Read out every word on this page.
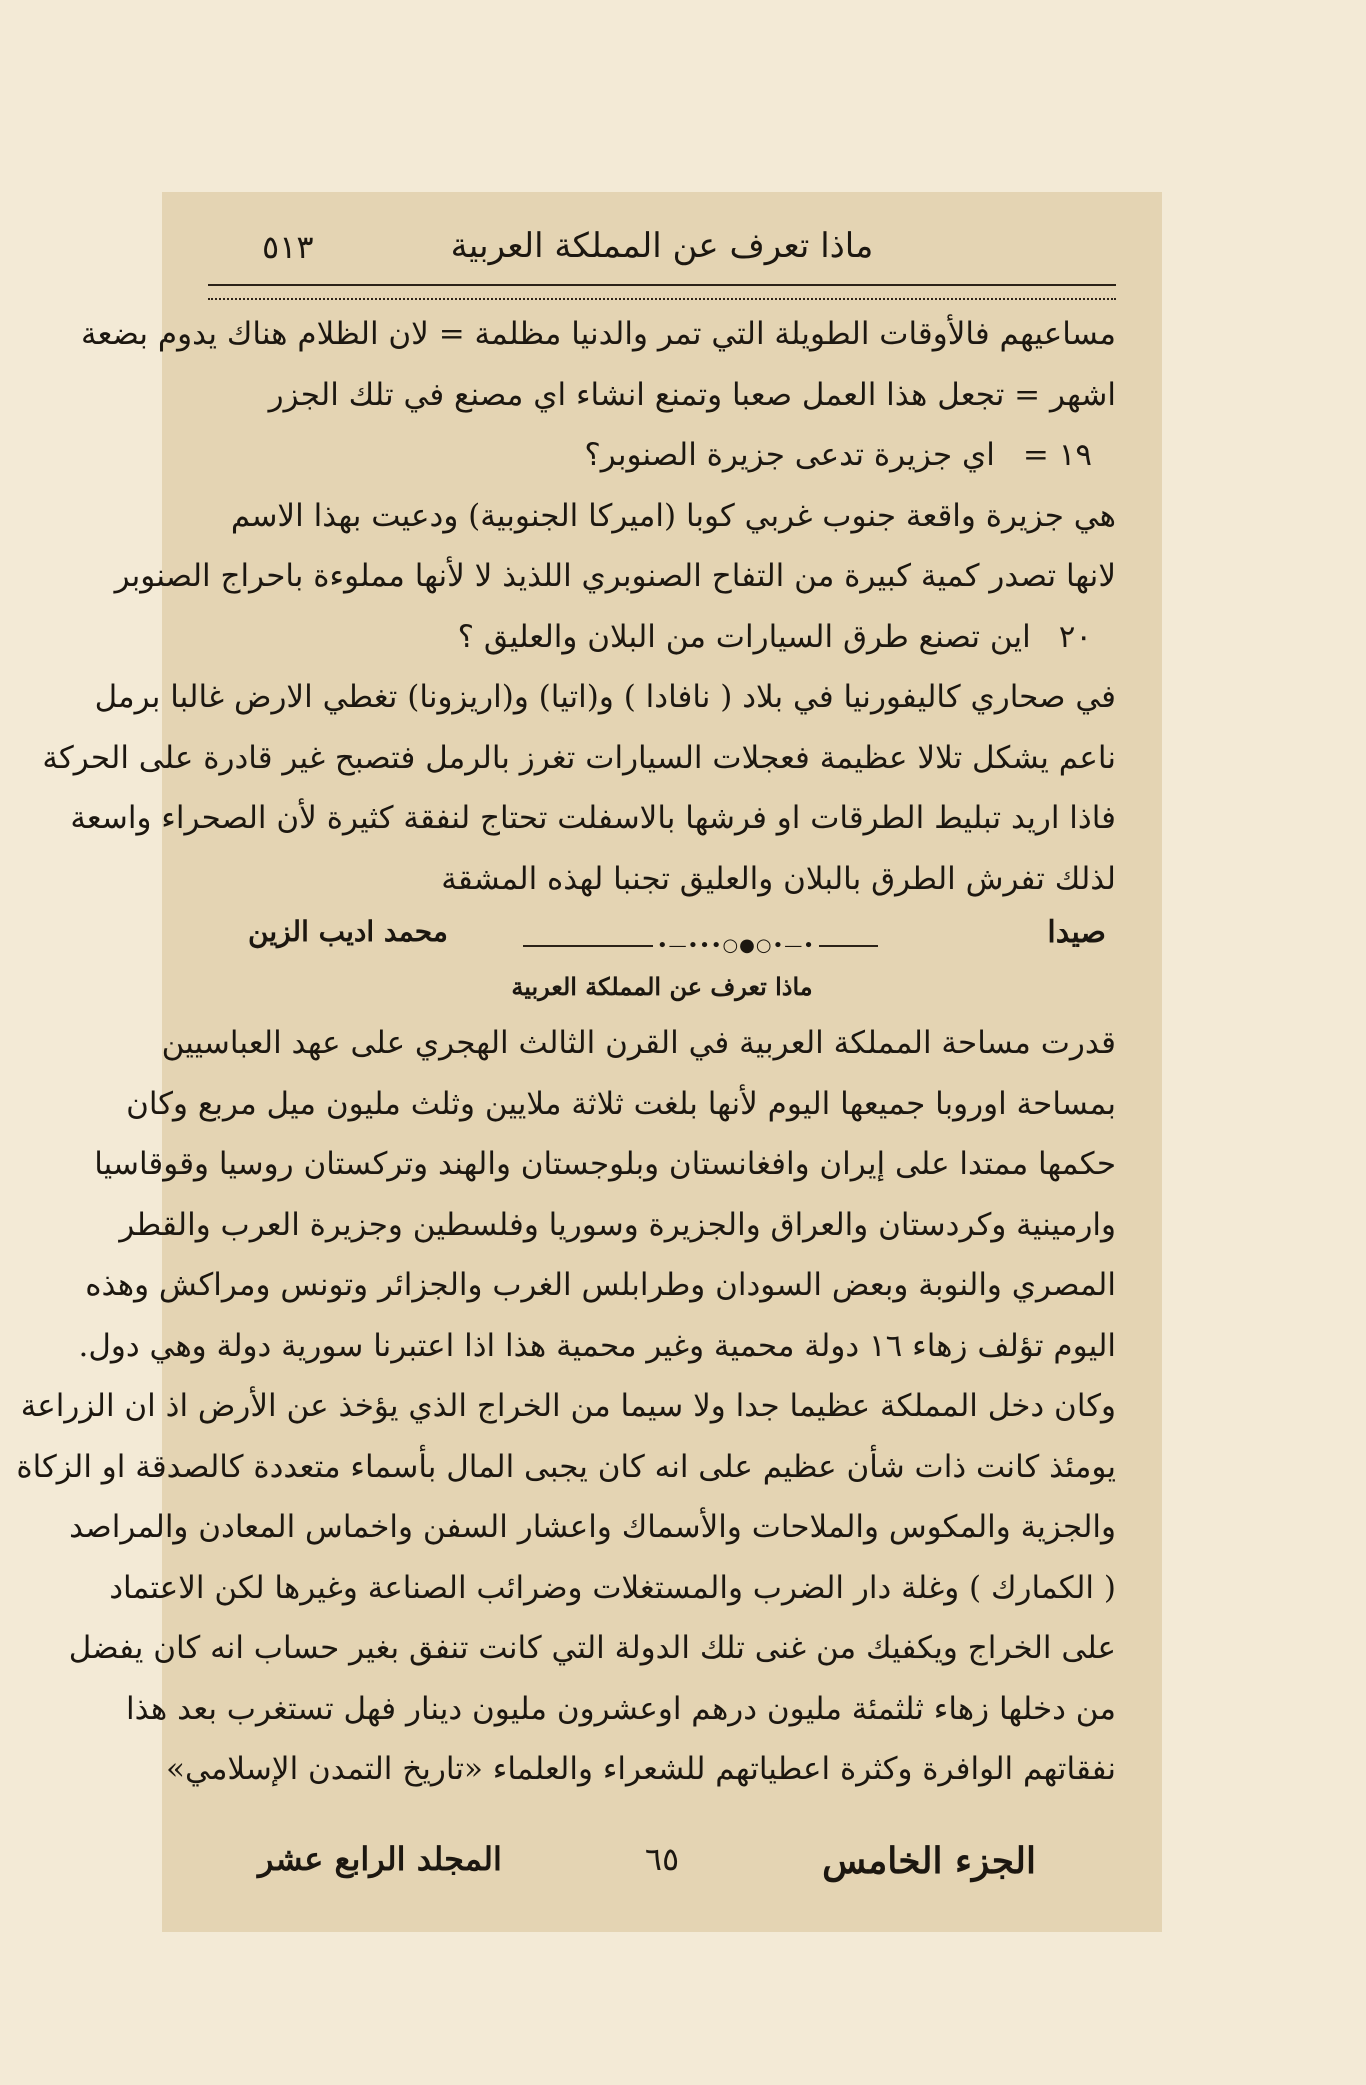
٥١٣	ماذا تعرف عن المملكة العربية
مساعيهم فالأوقات الطويلة التي تمر والدنيا مظلمة = لان الظلام هناك يدوم بضعة
اشهر = تجعل هذا العمل صعبا وتمنع انشاء اي مصنع في تلك الجزر
١٩ =اي جزيرة تدعى جزيرة الصنوبر؟
هي جزيرة واقعة جنوب غربي كوبا (اميركا الجنوبية) ودعيت بهذا الاسم
لانها تصدر كمية كبيرة من التفاح الصنوبري اللذيذ لا لأنها مملوءة باحراج الصنوبر
٢٠اين تصنع طرق السيارات من البلان والعليق ؟
في صحاري كاليفورنيا في بلاد ( نافادا ) و(اتيا) و(اريزونا) تغطي الارض غالبا برمل
ناعم يشكل تلالا عظيمة فعجلات السيارات تغرز بالرمل فتصبح غير قادرة على الحركة
فاذا اريد تبليط الطرقات او فرشها بالاسفلت تحتاج لنفقة كثيرة لأن الصحراء واسعة
لذلك تفرش الطرق بالبلان والعليق تجنبا لهذه المشقة
صيدا
•—•••○●○•—•
محمد اديب الزين
ماذا تعرف عن المملكة العربية
قدرت مساحة المملكة العربية في القرن الثالث الهجري على عهد العباسيين
بمساحة اوروبا جميعها اليوم لأنها بلغت ثلاثة ملايين وثلث مليون ميل مربع وكان
حكمها ممتدا على إيران وافغانستان وبلوجستان والهند وتركستان روسيا وقوقاسيا
وارمينية وكردستان والعراق والجزيرة وسوريا وفلسطين وجزيرة العرب والقطر
المصري والنوبة وبعض السودان وطرابلس الغرب والجزائر وتونس ومراكش وهذه
اليوم تؤلف زهاء ١٦ دولة محمية وغير محمية هذا اذا اعتبرنا سورية دولة وهي دول.
وكان دخل المملكة عظيما جدا ولا سيما من الخراج الذي يؤخذ عن الأرض اذ ان الزراعة
يومئذ كانت ذات شأن عظيم على انه كان يجبى المال بأسماء متعددة كالصدقة او الزكاة
والجزية والمكوس والملاحات والأسماك واعشار السفن واخماس المعادن والمراصد
( الكمارك ) وغلة دار الضرب والمستغلات وضرائب الصناعة وغيرها لكن الاعتماد
على الخراج ويكفيك من غنى تلك الدولة التي كانت تنفق بغير حساب انه كان يفضل
من دخلها زهاء ثلثمئة مليون درهم اوعشرون مليون دينار فهل تستغرب بعد هذا
نفقاتهم الوافرة وكثرة اعطياتهم للشعراء والعلماء «تاريخ التمدن الإسلامي»
الجزء الخامس
٦٥
المجلد الرابع عشر
